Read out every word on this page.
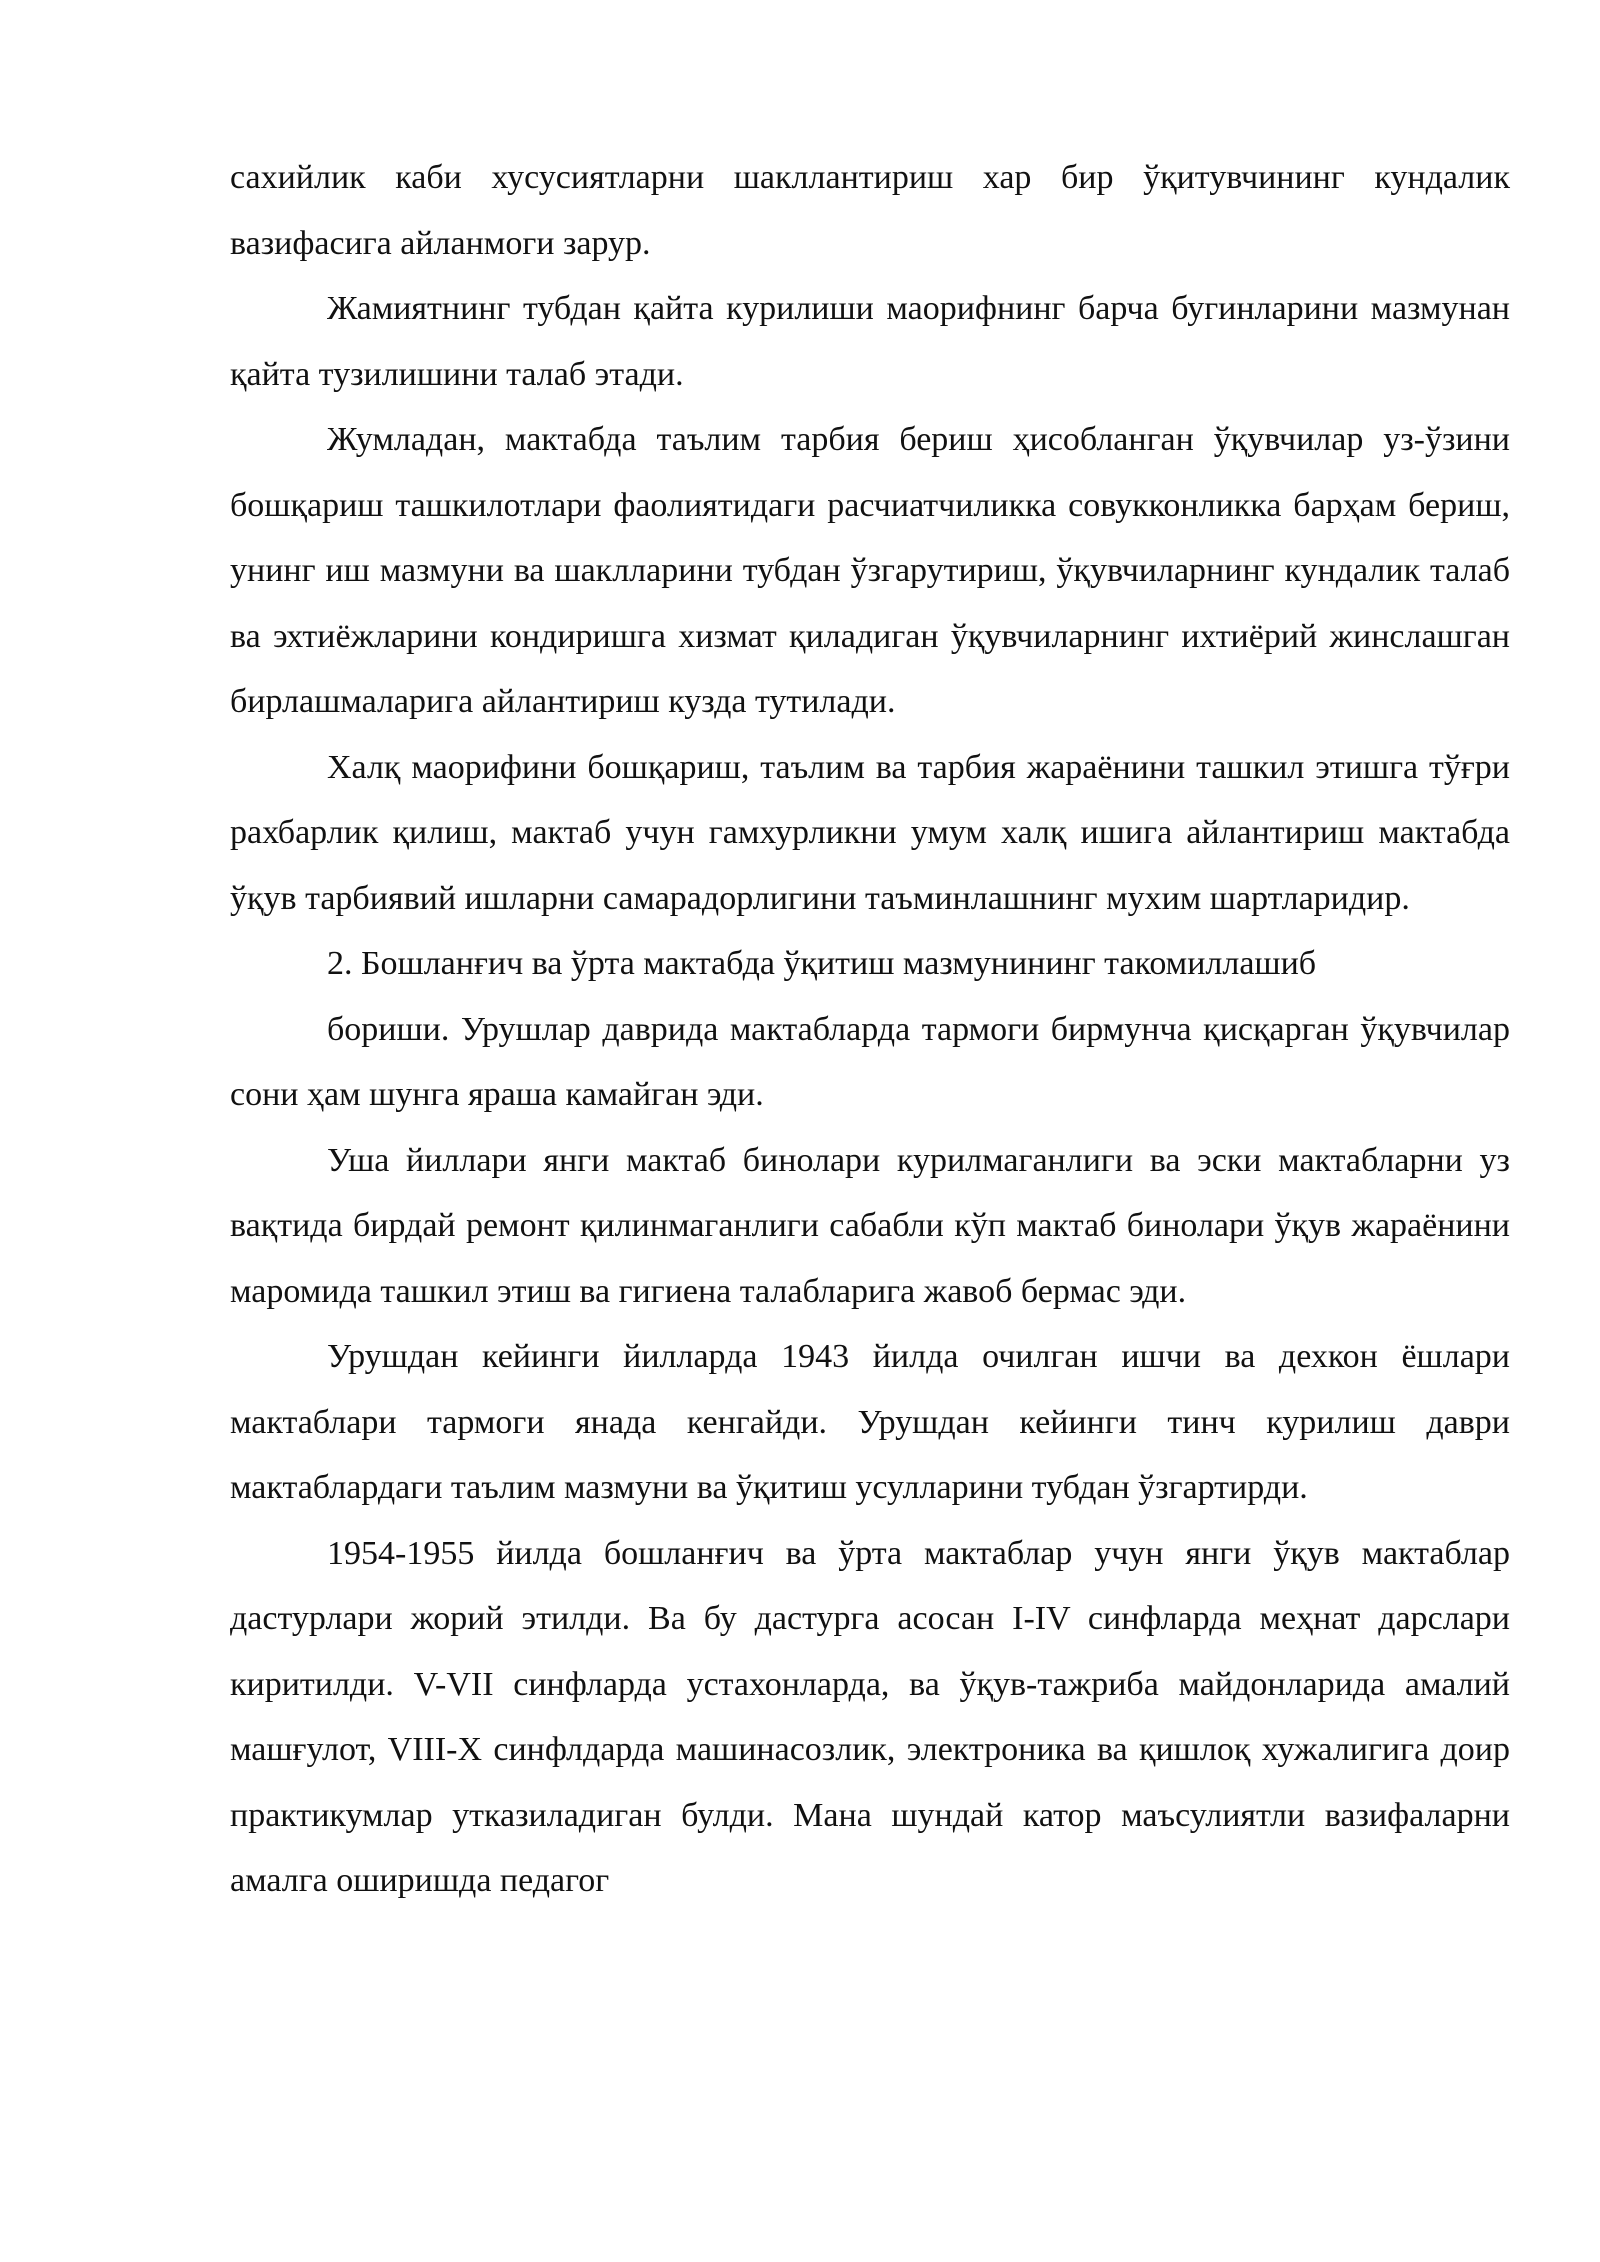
сахийлик каби хусусиятларни шакллантириш хар бир ўқитувчининг кундалик вазифасига айланмоги зарур.

Жамиятнинг тубдан қайта курилиши маорифнинг барча бугинларини мазмунан қайта тузилишини талаб этади.

Жумладан, мактабда таълим тарбия бериш ҳисобланган ўқувчилар уз-ўзини бошқариш ташкилотлари фаолиятидаги расчиатчиликка совукконликка барҳам бериш, унинг иш мазмуни ва шаклларини тубдан ўзгарутириш, ўқувчиларнинг кундалик талаб ва эхтиёжларини кондиришга хизмат қиладиган ўқувчиларнинг ихтиёрий жинслашган бирлашмаларига айлантириш кузда тутилади.

Халқ маорифини бошқариш, таълим ва тарбия жараёнини ташкил этишга тўғри рахбарлик қилиш, мактаб учун гамхурликни умум халқ ишига айлантириш мактабда ўқув тарбиявий ишларни самарадорлигини таъминлашнинг мухим шартларидир.

2. Бошланғич ва ўрта мактабда ўқитиш мазмунининг такомиллашиб

бориши. Урушлар даврида мактабларда тармоги бирмунча қисқарган ўқувчилар сони ҳам шунга яраша камайган эди.

Уша йиллари янги мактаб бинолари курилмаганлиги ва эски мактабларни уз вақтида бирдай ремонт қилинмаганлиги сабабли кўп мактаб бинолари ўқув жараёнини маромида ташкил этиш ва гигиена талабларига жавоб бермас эди.

Урушдан кейинги йилларда 1943 йилда очилган ишчи ва дехкон ёшлари мактаблари тармоги янада кенгайди. Урушдан кейинги тинч курилиш даври мактаблардаги таълим мазмуни ва ўқитиш усулларини тубдан ўзгартирди.

1954-1955 йилда бошланғич ва ўрта мактаблар учун янги ўқув мактаблар дастурлари жорий этилди. Ва бу дастурга асосан I-IV синфларда меҳнат дарслари киритилди. V-VII синфларда устахонларда, ва ўқув-тажриба майдонларида амалий машғулот, VIII-X синфлдарда машинасозлик, электроника ва қишлоқ хужалигига доир практикумлар утказиладиган булди. Мана шундай катор маъсулиятли вазифаларни амалга оширишда педагог
